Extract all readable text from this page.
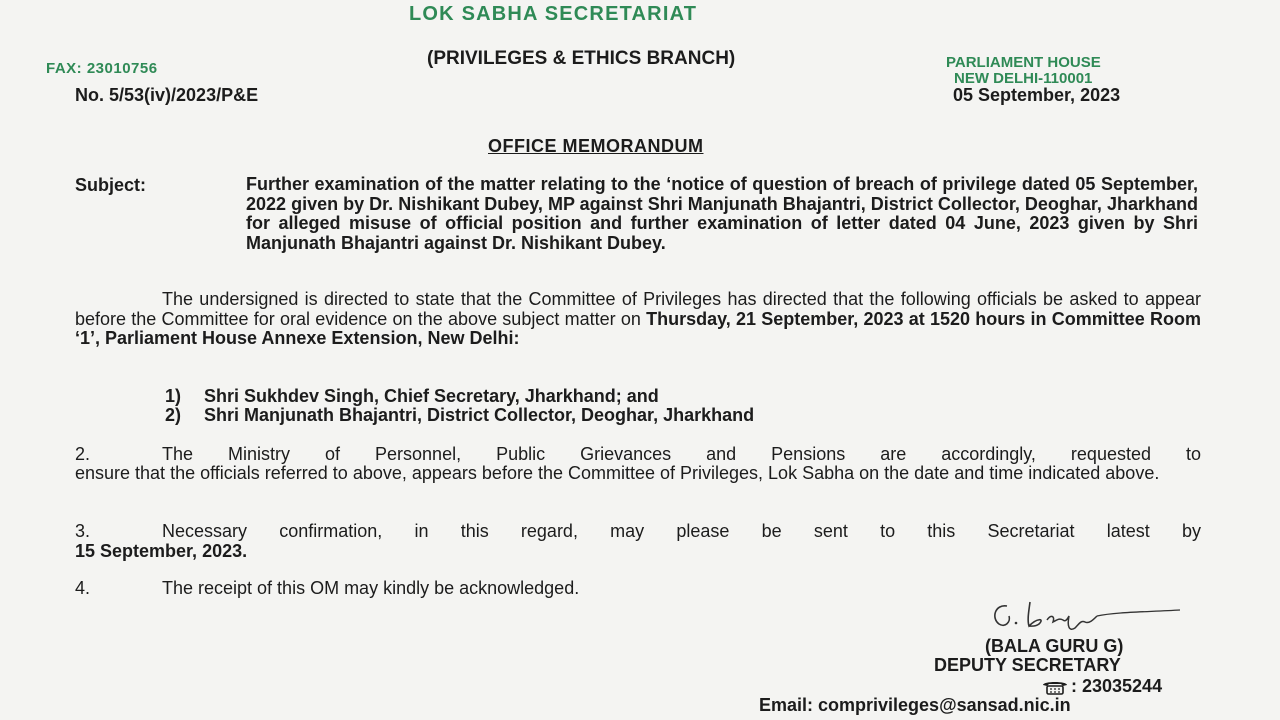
LOK SABHA SECRETARIAT
(PRIVILEGES & ETHICS BRANCH)
FAX: 23010756	PARLIAMENT HOUSE
NEW DELHI-110001
No. 5/53(iv)/2023/P&E	05 September, 2023
OFFICE MEMORANDUM
Subject:	Further examination of the matter relating to the ‘notice of question of breach of privilege dated 05 September, 2022 given by Dr. Nishikant Dubey, MP against Shri Manjunath Bhajantri, District Collector, Deoghar, Jharkhand for alleged misuse of official position and further examination of letter dated 04 June, 2023 given by Shri Manjunath Bhajantri against Dr. Nishikant Dubey.
The undersigned is directed to state that the Committee of Privileges has directed that the following officials be asked to appear before the Committee for oral evidence on the above subject matter on Thursday, 21 September, 2023 at 1520 hours in Committee Room ‘1’, Parliament House Annexe Extension, New Delhi:
1) Shri Sukhdev Singh, Chief Secretary, Jharkhand; and
2) Shri Manjunath Bhajantri, District Collector, Deoghar, Jharkhand
2.	The Ministry of Personnel, Public Grievances and Pensions are accordingly, requested to
ensure that the officials referred to above, appears before the Committee of Privileges, Lok Sabha on the date and time indicated above.
3.	Necessary confirmation, in this regard, may please be sent to this Secretariat latest by
15 September, 2023.
4.	The receipt of this OM may kindly be acknowledged.
(BALA GURU G)
DEPUTY SECRETARY
: 23035244
Email: comprivileges@sansad.nic.in
